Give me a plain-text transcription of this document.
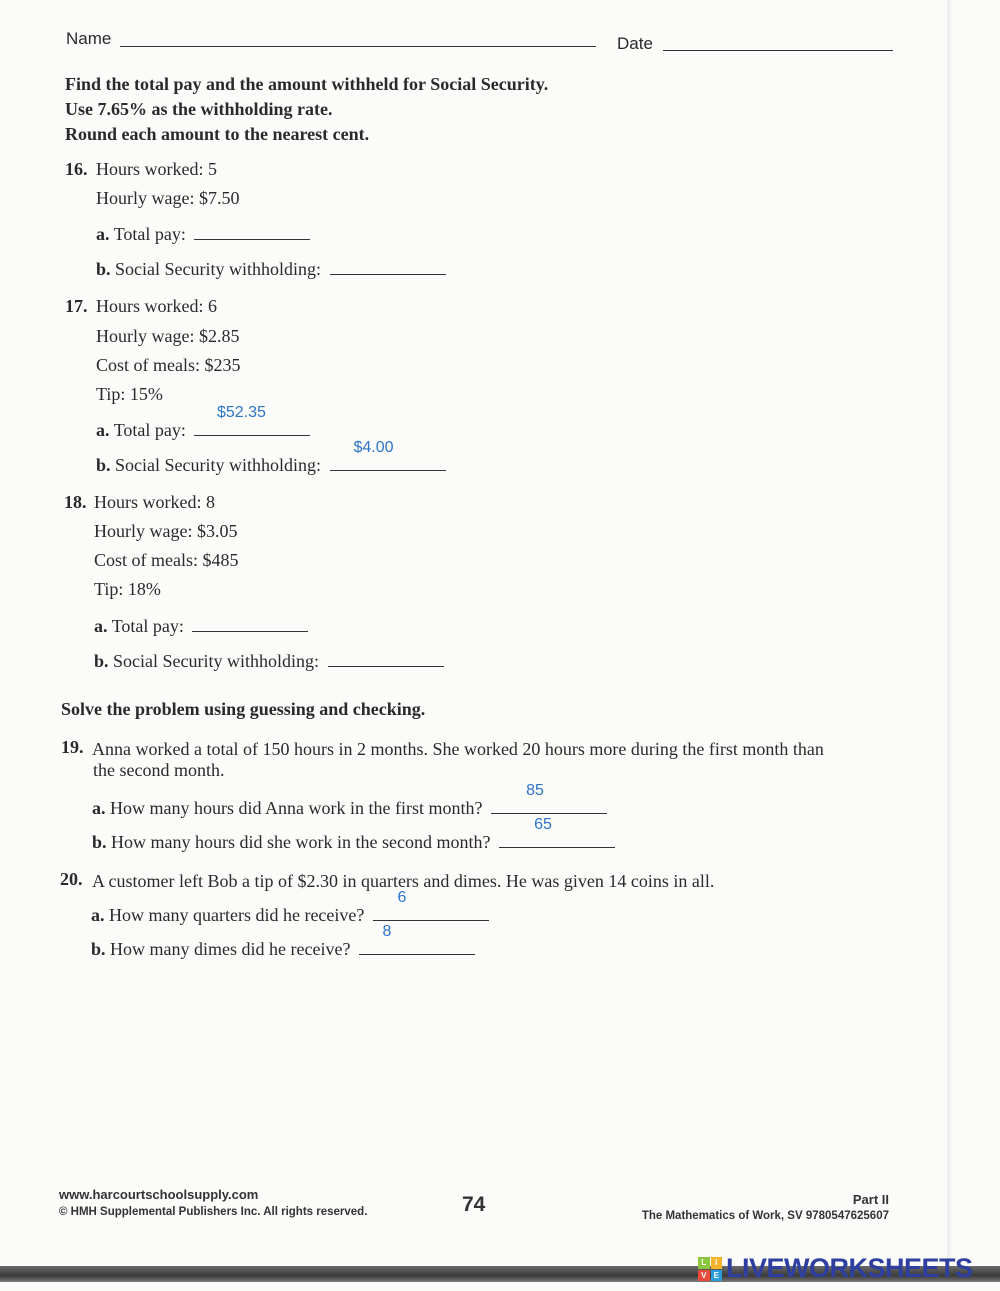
Name	Date
Find the total pay and the amount withheld for Social Security.
Use 7.65% as the withholding rate.
Round each amount to the nearest cent.
16. Hours worked: 5
Hourly wage: $7.50
a. Total pay:
b. Social Security withholding:
17. Hours worked: 6
Hourly wage: $2.85
Cost of meals: $235
Tip: 15%
a. Total pay:
$52.35
b. Social Security withholding:
$4.00
18. Hours worked: 8
Hourly wage: $3.05
Cost of meals: $485
Tip: 18%
a. Total pay:
b. Social Security withholding:
Solve the problem using guessing and checking.
19. Anna worked a total of 150 hours in 2 months. She worked 20 hours more during the first month than
the second month.
a. How many hours did Anna work in the first month?
85
b. How many hours did she work in the second month?
65
20. A customer left Bob a tip of $2.30 in quarters and dimes. He was given 14 coins in all.
a. How many quarters did he receive?
6
b. How many dimes did he receive?
8
www.harcourtschoolsupply.com
© HMH Supplemental Publishers Inc. All rights reserved.	74	Part II
The Mathematics of Work, SV 9780547625607
L	I
V E LIVEWORKSHEETS
